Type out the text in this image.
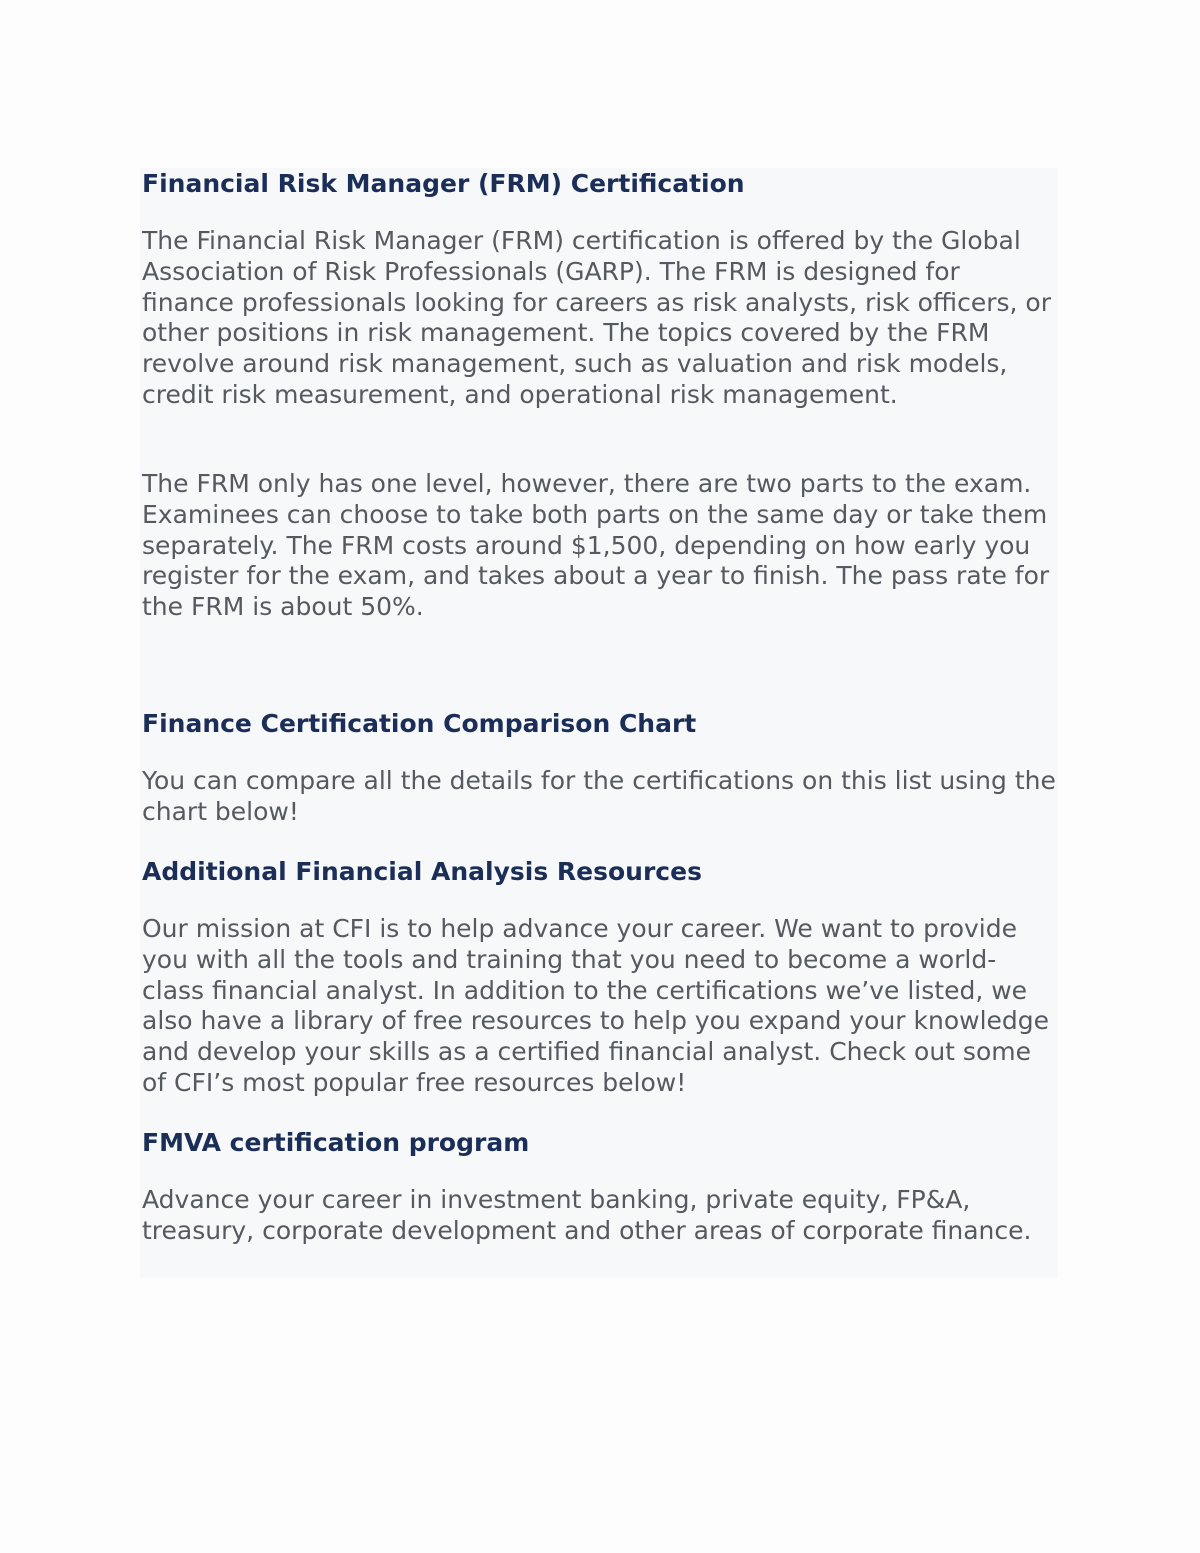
Financial Risk Manager (FRM) Certification

The Financial Risk Manager (FRM) certification is offered by the Global Association of Risk Professionals (GARP). The FRM is designed for finance professionals looking for careers as risk analysts, risk officers, or other positions in risk management. The topics covered by the FRM revolve around risk management, such as valuation and risk models, credit risk measurement, and operational risk management.

The FRM only has one level, however, there are two parts to the exam. Examinees can choose to take both parts on the same day or take them separately. The FRM costs around $1,500, depending on how early you register for the exam, and takes about a year to finish. The pass rate for the FRM is about 50%.

Finance Certification Comparison Chart

You can compare all the details for the certifications on this list using the chart below!

Additional Financial Analysis Resources

Our mission at CFI is to help advance your career. We want to provide you with all the tools and training that you need to become a world-class financial analyst. In addition to the certifications we’ve listed, we also have a library of free resources to help you expand your knowledge and develop your skills as a certified financial analyst. Check out some of CFI’s most popular free resources below!

FMVA certification program

Advance your career in investment banking, private equity, FP&A, treasury, corporate development and other areas of corporate finance.
